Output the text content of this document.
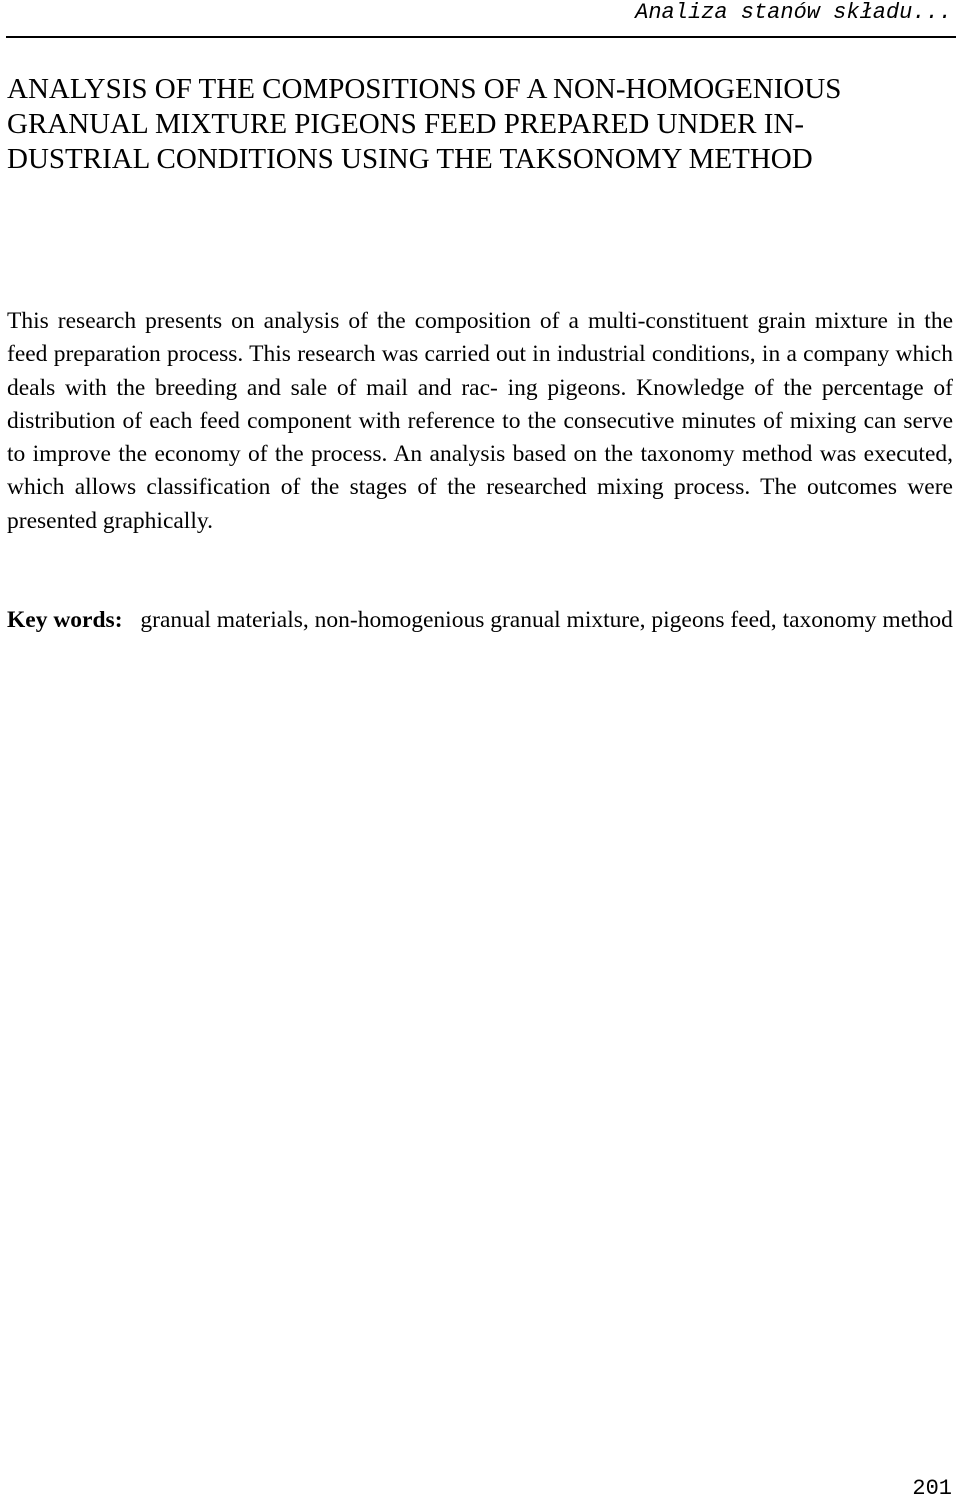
Analiza stanów składu...
ANALYSIS OF THE COMPOSITIONS OF A NON-HOMOGENIOUS
GRANUAL MIXTURE PIGEONS FEED PREPARED UNDER IN-
DUSTRIAL CONDITIONS USING THE TAKSONOMY METHOD

This research presents on analysis of the composition of a multi-constituent grain mixture in the feed preparation process. This research was carried out in industrial conditions, in a company which deals with the breeding and sale of mail and rac- ing pigeons. Knowledge of the percentage of distribution of each feed component with reference to the consecutive minutes of mixing can serve to improve the economy of the process. An analysis based on the taxonomy method was executed, which allows classification of the stages of the researched mixing process. The outcomes were presented graphically.

Key words: granual materials, non-homogenious granual mixture, pigeons feed, taxonomy method

201
